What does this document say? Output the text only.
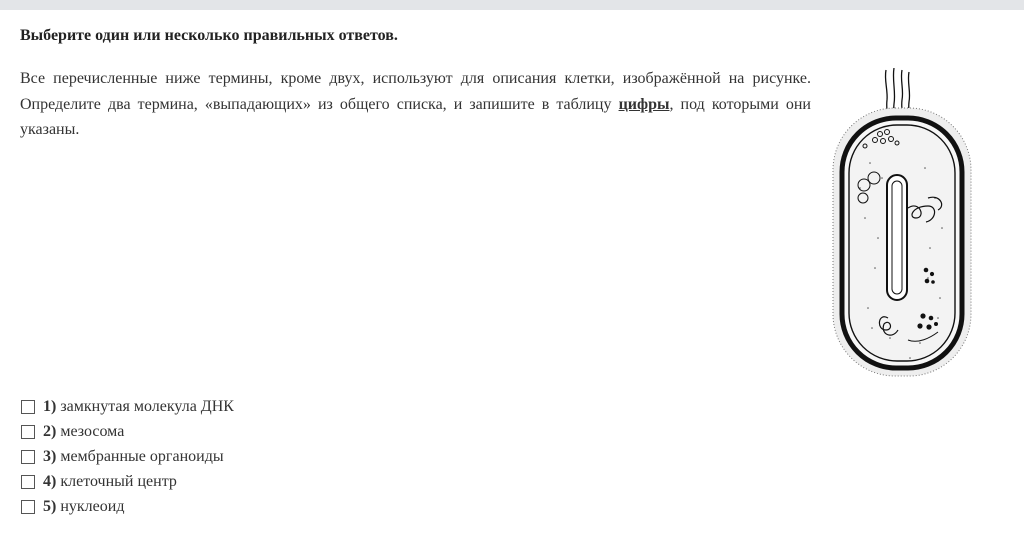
Выберите один или несколько правильных ответов.
Все перечисленные ниже термины, кроме двух, используют для описания клетки, изображённой на рисунке. Определите два термина, «выпадающих» из общего списка, и запишите в таблицу цифры, под которыми они указаны.
1) замкнутая молекула ДНК
2) мезосома
3) мембранные органоиды
4) клеточный центр
5) нуклеоид
